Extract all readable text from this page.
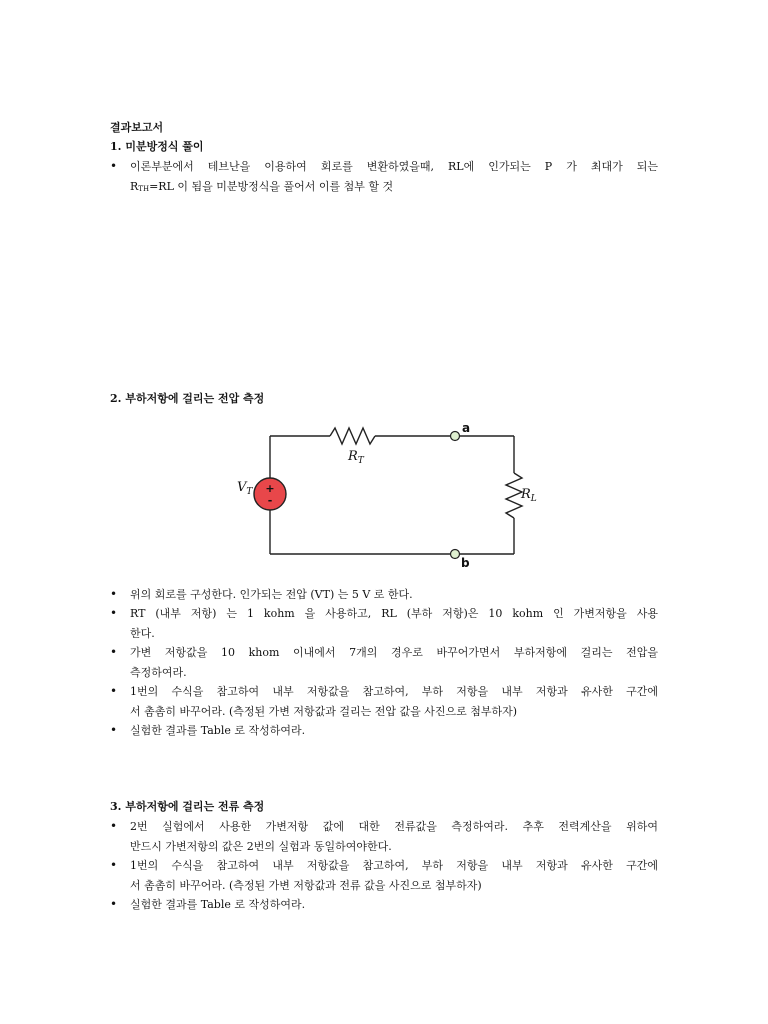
결과보고서
1. 미분방정식 풀이
•	이론부분에서 테브난을 이용하여 회로를 변환하였을때, RL에 인가되는 P 가 최대가 되는
$R_{TH}=RL$ 이 됨을 미분방정식을 풀어서 이를 첨부 할 것
2. 부하저항에 걸리는 전압 측정
+
-
a
b
$R_T$
$R_L$
$V_T$
•	위의 회로를 구성한다. 인가되는 전압 (VT) 는 5 V 로 한다.
•	RT (내부 저항) 는 1 kohm 을 사용하고, RL (부하 저항)은 10 kohm 인 가변저항을 사용
한다.
•	가변 저항값을 10 khom 이내에서 7개의 경우로 바꾸어가면서 부하저항에 걸리는 전압을
측정하여라.
•	1번의 수식을 참고하여 내부 저항값을 참고하여, 부하 저항을 내부 저항과 유사한 구간에
서 촘촘히 바꾸어라. (측정된 가변 저항값과 걸리는 전압 값을 사진으로 첨부하자)
•	실험한 결과를 Table 로 작성하여라.
3. 부하저항에 걸리는 전류 측정
•	2번 실험에서 사용한 가변저항 값에 대한 전류값을 측정하여라. 추후 전력계산을 위하여
반드시 가변저항의 값은 2번의 실험과 동일하여야한다.
•	1번의 수식을 참고하여 내부 저항값을 참고하여, 부하 저항을 내부 저항과 유사한 구간에
서 촘촘히 바꾸어라. (측정된 가변 저항값과 전류 값을 사진으로 첨부하자)
•	실험한 결과를 Table 로 작성하여라.
